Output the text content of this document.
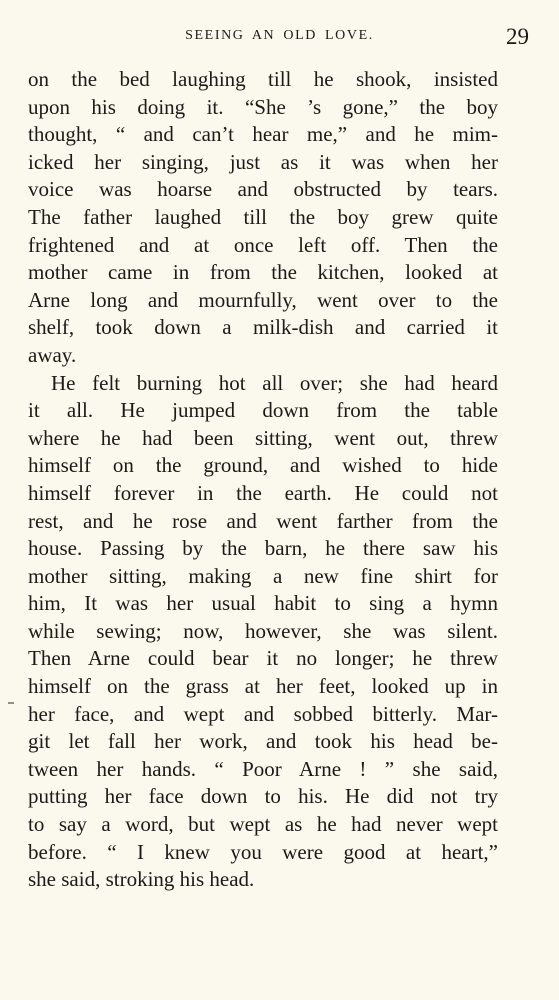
SEEING AN OLD LOVE.	29
on the bed laughing till he shook, insisted
upon his doing it. “She ’s gone,” the boy
thought, “ and can’t hear me,” and he mim-
icked her singing, just as it was when her
voice was hoarse and obstructed by tears.
The father laughed till the boy grew quite
frightened and at once left off. Then the
mother came in from the kitchen, looked at
Arne long and mournfully, went over to the
shelf, took down a milk-dish and carried it
away.
He felt burning hot all over; she had heard
it all. He jumped down from the table
where he had been sitting, went out, threw
himself on the ground, and wished to hide
himself forever in the earth. He could not
rest, and he rose and went farther from the
house. Passing by the barn, he there saw his
mother sitting, making a new fine shirt for
him, It was her usual habit to sing a hymn
while sewing; now, however, she was silent.
Then Arne could bear it no longer; he threw
himself on the grass at her feet, looked up in
her face, and wept and sobbed bitterly. Mar-
git let fall her work, and took his head be-
tween her hands. “ Poor Arne ! ” she said,
putting her face down to his. He did not try
to say a word, but wept as he had never wept
before. “ I knew you were good at heart,”
she said, stroking his head.
